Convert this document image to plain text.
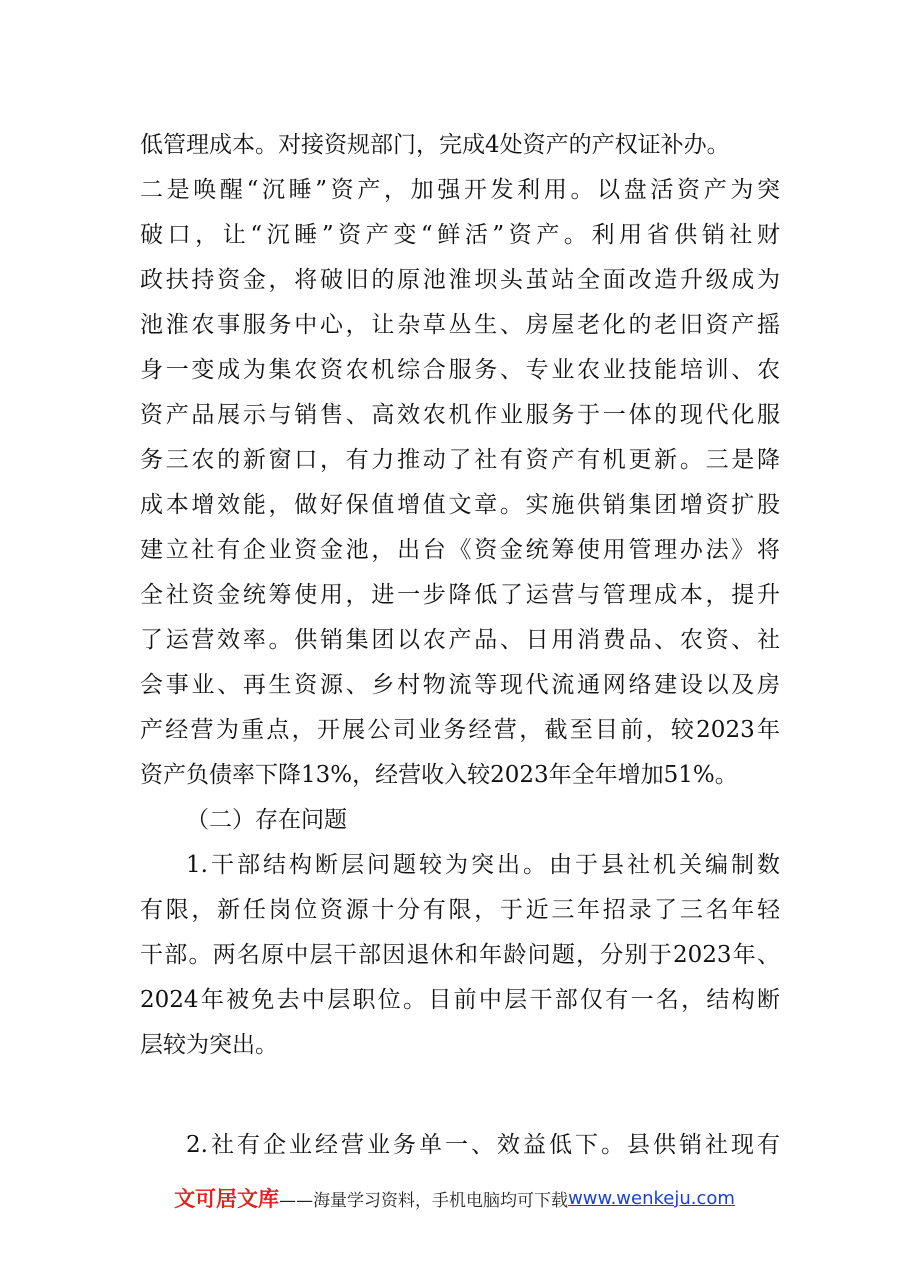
低管理成本。对接资规部门，完成4处资产的产权证补办。
二是唤醒“沉睡”资产，加强开发利用。以盘活资产为突
破口，让“沉睡”资产变“鲜活”资产。利用省供销社财
政扶持资金，将破旧的原池淮坝头茧站全面改造升级成为
池淮农事服务中心，让杂草丛生、房屋老化的老旧资产摇
身一变成为集农资农机综合服务、专业农业技能培训、农
资产品展示与销售、高效农机作业服务于一体的现代化服
务三农的新窗口，有力推动了社有资产有机更新。三是降
成本增效能，做好保值增值文章。实施供销集团增资扩股
建立社有企业资金池，出台《资金统筹使用管理办法》将
全社资金统筹使用，进一步降低了运营与管理成本，提升
了运营效率。供销集团以农产品、日用消费品、农资、社
会事业、再生资源、乡村物流等现代流通网络建设以及房
产经营为重点，开展公司业务经营，截至目前，较2023年
资产负债率下降13%，经营收入较2023年全年增加51%。
（二）存在问题
1.干部结构断层问题较为突出。由于县社机关编制数
有限，新任岗位资源十分有限，于近三年招录了三名年轻
干部。两名原中层干部因退休和年龄问题，分别于2023年、
2024年被免去中层职位。目前中层干部仅有一名，结构断
层较为突出。
2.社有企业经营业务单一、效益低下。县供销社现有
文可居文库 ——海量学习资料，手机电脑均可下载 www.wenkeju.com
